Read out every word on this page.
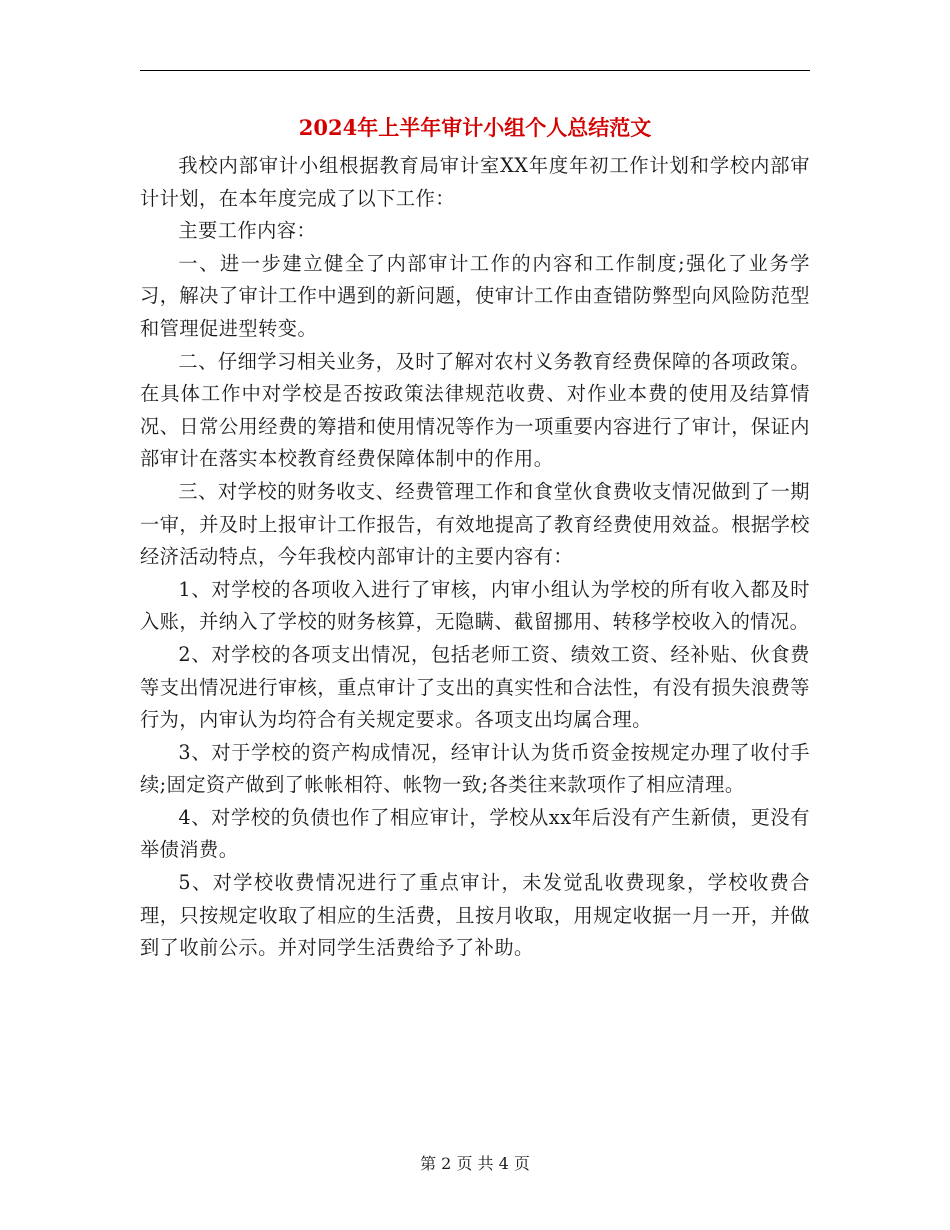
2024年上半年审计小组个人总结范文

我校内部审计小组根据教育局审计室XX年度年初工作计划和学校内部审计计划，在本年度完成了以下工作：

主要工作内容：

一、进一步建立健全了内部审计工作的内容和工作制度;强化了业务学习，解决了审计工作中遇到的新问题，使审计工作由查错防弊型向风险防范型和管理促进型转变。

二、仔细学习相关业务，及时了解对农村义务教育经费保障的各项政策。在具体工作中对学校是否按政策法律规范收费、对作业本费的使用及结算情况、日常公用经费的筹措和使用情况等作为一项重要内容进行了审计，保证内部审计在落实本校教育经费保障体制中的作用。

三、对学校的财务收支、经费管理工作和食堂伙食费收支情况做到了一期一审，并及时上报审计工作报告，有效地提高了教育经费使用效益。根据学校经济活动特点，今年我校内部审计的主要内容有：

1、对学校的各项收入进行了审核，内审小组认为学校的所有收入都及时入账，并纳入了学校的财务核算，无隐瞒、截留挪用、转移学校收入的情况。

2、对学校的各项支出情况，包括老师工资、绩效工资、经补贴、伙食费等支出情况进行审核，重点审计了支出的真实性和合法性，有没有损失浪费等行为，内审认为均符合有关规定要求。各项支出均属合理。

3、对于学校的资产构成情况，经审计认为货币资金按规定办理了收付手续;固定资产做到了帐帐相符、帐物一致;各类往来款项作了相应清理。

4、对学校的负债也作了相应审计，学校从xx年后没有产生新债，更没有举债消费。

5、对学校收费情况进行了重点审计，未发觉乱收费现象，学校收费合理，只按规定收取了相应的生活费，且按月收取，用规定收据一月一开，并做到了收前公示。并对同学生活费给予了补助。

第 2 页 共 4 页
